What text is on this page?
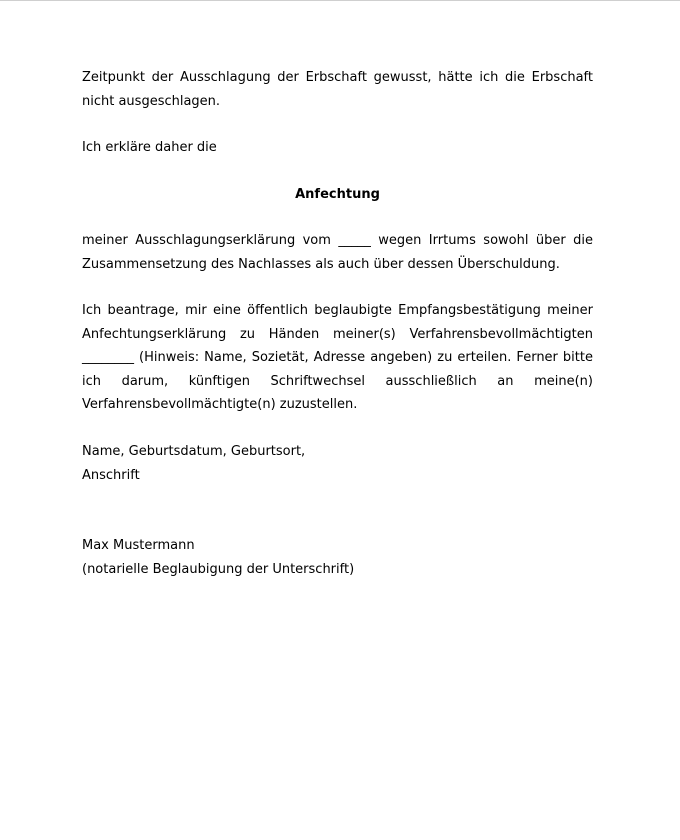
Zeitpunkt der Ausschlagung der Erbschaft gewusst, hätte ich die Erbschaft
nicht ausgeschlagen.
Ich erkläre daher die
Anfechtung
meiner Ausschlagungserklärung vom _____ wegen Irrtums sowohl über die
Zusammensetzung des Nachlasses als auch über dessen Überschuldung.
Ich beantrage, mir eine öffentlich beglaubigte Empfangsbestätigung meiner
Anfechtungserklärung zu Händen meiner(s) Verfahrensbevollmächtigten
________ (Hinweis: Name, Sozietät, Adresse angeben) zu erteilen. Ferner bitte
ich darum, künftigen Schriftwechsel ausschließlich an meine(n)
Verfahrensbevollmächtigte(n) zuzustellen.
Name, Geburtsdatum, Geburtsort,
Anschrift
Max Mustermann
(notarielle Beglaubigung der Unterschrift)
